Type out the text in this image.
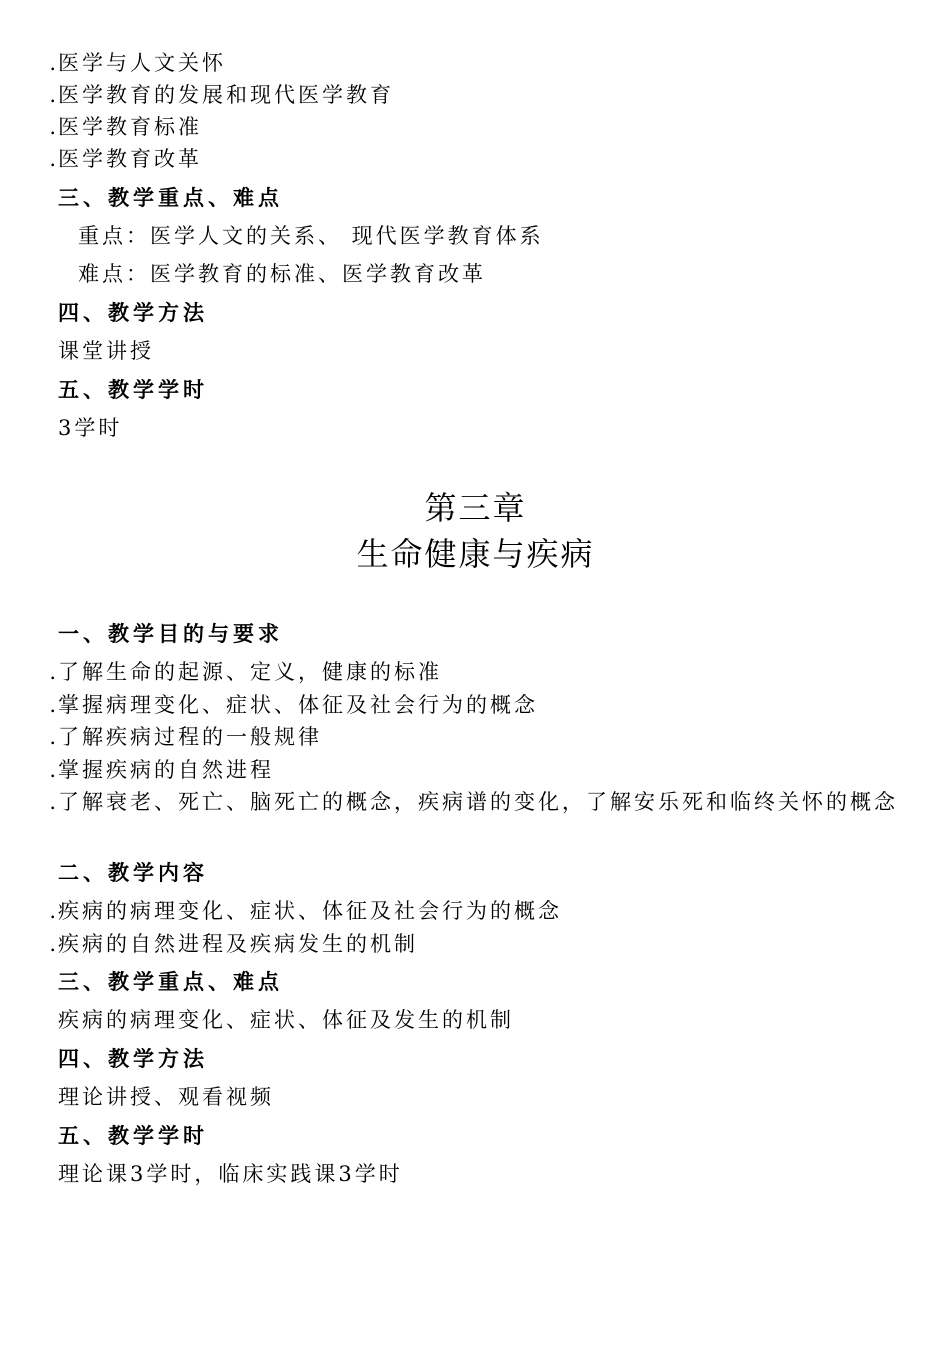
. 医学与人文关怀
. 医学教育的发展和现代医学教育
. 医学教育标准
. 医学教育改革
三、教学重点、难点
重点：医学人文的关系、 现代医学教育体系
难点：医学教育的标准、医学教育改革
四、教学方法
课堂讲授
五、教学学时
3学时
第三章
生命健康与疾病
一、教学目的与要求
. 了解生命的起源、定义，健康的标准
. 掌握病理变化、症状、体征及社会行为的概念
. 了解疾病过程的一般规律
. 掌握疾病的自然进程
. 了解衰老、死亡、脑死亡的概念，疾病谱的变化，了解安乐死和临终关怀的概念
二、教学内容
. 疾病的病理变化、症状、体征及社会行为的概念
. 疾病的自然进程及疾病发生的机制
三、教学重点、难点
疾病的病理变化、症状、体征及发生的机制
四、教学方法
理论讲授、观看视频
五、教学学时
理论课3学时，临床实践课3学时
